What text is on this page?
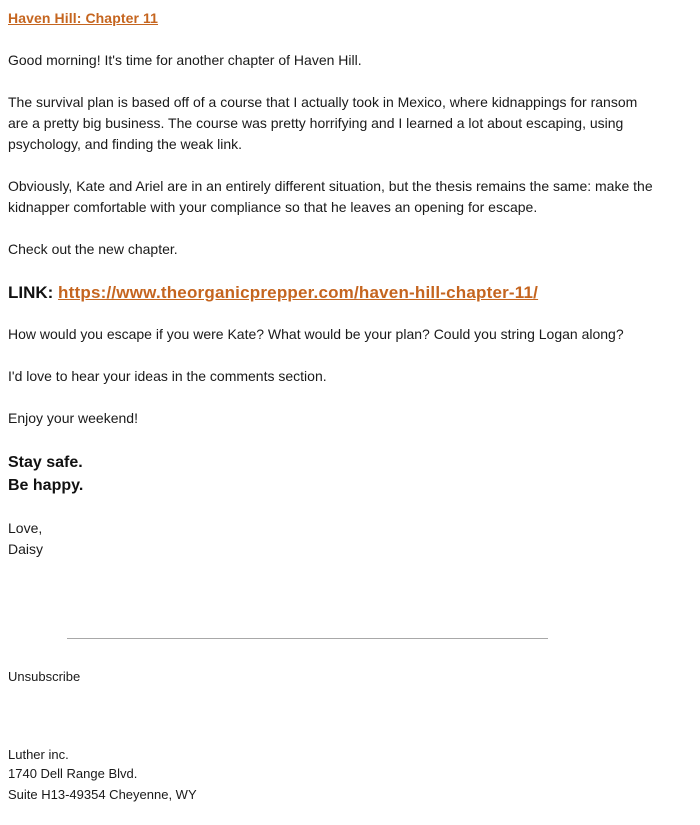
Haven Hill: Chapter 11
Good morning! It's time for another chapter of Haven Hill.
The survival plan is based off of a course that I actually took in Mexico, where kidnappings for ransom
are a pretty big business. The course was pretty horrifying and I learned a lot about escaping, using
psychology, and finding the weak link.
Obviously, Kate and Ariel are in an entirely different situation, but the thesis remains the same: make the
kidnapper comfortable with your compliance so that he leaves an opening for escape.
Check out the new chapter.
LINK: https://www.theorganicprepper.com/haven-hill-chapter-11/
How would you escape if you were Kate? What would be your plan? Could you string Logan along?
I'd love to hear your ideas in the comments section.
Enjoy your weekend!
Stay safe.
Be happy.
Love,
Daisy
Unsubscribe
Luther inc.
1740 Dell Range Blvd.
Suite H13-49354 Cheyenne, WY
